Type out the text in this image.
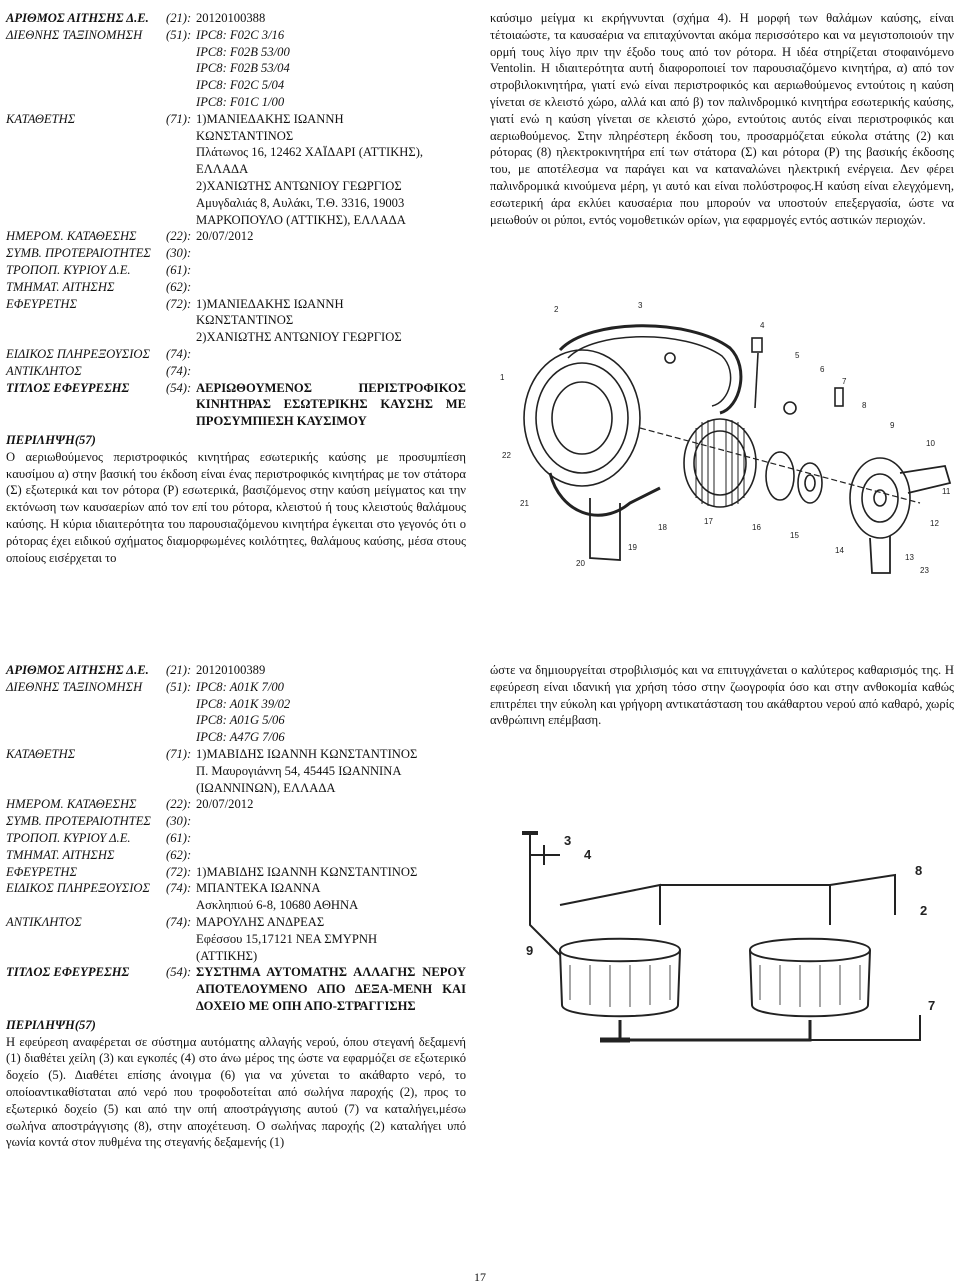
ΑΡΙΘΜΟΣ ΑΙΤΗΣΗΣ Δ.Ε.	(21): 20120100388
ΔΙΕΘΝΗΣ ΤΑΞΙΝΟΜΗΣΗ	(51): IPC8: F02C 3/16
IPC8: F02B 53/00
IPC8: F02B 53/04
IPC8: F02C 5/04
IPC8: F01C 1/00
ΚΑΤΑΘΕΤΗΣ	(71): 1)ΜΑΝΙΕΔΑΚΗΣ ΙΩΑΝΝΗ
ΚΩΝΣΤΑΝΤΙΝΟΣ
Πλάτωνος 16, 12462 ΧΑΪΔΑΡΙ (ΑΤΤΙΚΗΣ),
ΕΛΛΑΔΑ
2)ΧΑΝΙΩΤΗΣ ΑΝΤΩΝΙΟΥ ΓΕΩΡΓΙΟΣ
Αμυγδαλιάς 8, Αυλάκι, Τ.Θ. 3316, 19003
ΜΑΡΚΟΠΟΥΛΟ (ΑΤΤΙΚΗΣ), ΕΛΛΑΔΑ
ΗΜΕΡΟΜ. ΚΑΤΑΘΕΣΗΣ	(22): 20/07/2012
ΣΥΜΒ. ΠΡΟΤΕΡΑΙΟΤΗΤΕΣ	(30):
ΤΡΟΠΟΠ. ΚΥΡΙΟΥ Δ.Ε.	(61):
ΤΜΗΜΑΤ. ΑΙΤΗΣΗΣ	(62):
ΕΦΕΥΡΕΤΗΣ	(72): 1)ΜΑΝΙΕΔΑΚΗΣ ΙΩΑΝΝΗ
ΚΩΝΣΤΑΝΤΙΝΟΣ
2)ΧΑΝΙΩΤΗΣ ΑΝΤΩΝΙΟΥ ΓΕΩΡΓΙΟΣ
ΕΙΔΙΚΟΣ ΠΛΗΡΕΞΟΥΣΙΟΣ	(74):
ΑΝΤΙΚΛΗΤΟΣ	(74):
ΤΙΤΛΟΣ ΕΦΕΥΡΕΣΗΣ	(54): ΑΕΡΙΩΘΟΥΜΕΝΟΣ ΠΕΡΙΣΤΡΟΦΙΚΟΣ ΚΙΝΗΤΗΡΑΣ ΕΣΩΤΕΡΙΚΗΣ ΚΑΥΣΗΣ ΜΕ ΠΡΟΣΥΜΠΙΕΣΗ ΚΑΥΣΙΜΟΥ
ΠΕΡΙΛΗΨΗ(57)
Ο αεριωθούμενος περιστροφικός κινητήρας εσωτερικής καύσης με προσυμπίεση καυσίμου α) στην βασική του έκδοση είναι ένας περιστροφικός κινητήρας με τον στάτορα (Σ) εξωτερικά και τον ρότορα (Ρ) εσωτερικά, βασιζόμενος στην καύση μείγματος και την εκτόνωση των καυσαερίων από τον επί του ρότορα, κλειστού ή τους κλειστούς θαλάμους καύσης. Η κύρια ιδιαιτερότητα του παρουσιαζόμενου κινητήρα έγκειται στο γεγονός ότι ο ρότορας έχει ειδικού σχήματος διαμορφωμένες κοιλότητες, θαλάμους καύσης, μέσα στους οποίους εισέρχεται το
καύσιμο μείγμα κι εκρήγνυνται (σχήμα 4). Η μορφή των θαλάμων καύσης, είναι τέτοιαώστε, τα καυσαέρια να επιταχύνονται ακόμα περισσότερο και να μεγιστοποιούν την ορμή τους λίγο πριν την έξοδο τους από τον ρότορα. Η ιδέα στηρίζεται στοφαινόμενο Ventolin. Η ιδιαιτερότητα αυτή διαφοροποιεί τον παρουσιαζόμενο κινητήρα, α) από τον στροβιλοκινητήρα, γιατί ενώ είναι περιστροφικός και αεριωθούμενος εντούτοις η καύση γίνεται σε κλειστό χώρο, αλλά και από β) τον παλινδρομικό κινητήρα εσωτερικής καύσης, γιατί ενώ η καύση γίνεται σε κλειστό χώρο, εντούτοις αυτός είναι περιστροφικός και αεριωθούμενος. Στην πληρέστερη έκδοση του, προσαρμόζεται εύκολα στάτης (2) και ρότορας (8) ηλεκτροκινητήρα επί των στάτορα (Σ) και ρότορα (Ρ) της βασικής έκδοσης του, με αποτέλεσμα να παράγει και να καταναλώνει ηλεκτρική ενέργεια. Δεν φέρει παλινδρομικά κινούμενα μέρη, γι αυτό και είναι πολύστροφος.Η καύση είναι ελεγχόμενη, εσωτερική άρα εκλύει καυσαέρια που μπορούν να υποστούν επεξεργασία, ώστε να μειωθούν οι ρύποι, εντός νομοθετικών ορίων, για εφαρμογές εντός αστικών περιοχών.
1
2	3
4
5
6
7
8
9
10
11
12
13
14
15
16
17
18
19
20
21
22
23
ΑΡΙΘΜΟΣ ΑΙΤΗΣΗΣ Δ.Ε.	(21): 20120100389
ΔΙΕΘΝΗΣ ΤΑΞΙΝΟΜΗΣΗ	(51): IPC8: A01K 7/00
IPC8: A01K 39/02
IPC8: A01G 5/06
IPC8: A47G 7/06
ΚΑΤΑΘΕΤΗΣ	(71): 1)ΜΑΒΙΔΗΣ ΙΩΑΝΝΗ ΚΩΝΣΤΑΝΤΙΝΟΣ
Π. Μαυρογιάννη 54, 45445 ΙΩΑΝΝΙΝΑ
(ΙΩΑΝΝΙΝΩΝ), ΕΛΛΑΔΑ
ΗΜΕΡΟΜ. ΚΑΤΑΘΕΣΗΣ	(22): 20/07/2012
ΣΥΜΒ. ΠΡΟΤΕΡΑΙΟΤΗΤΕΣ	(30):
ΤΡΟΠΟΠ. ΚΥΡΙΟΥ Δ.Ε.	(61):
ΤΜΗΜΑΤ. ΑΙΤΗΣΗΣ	(62):
ΕΦΕΥΡΕΤΗΣ	(72): 1)ΜΑΒΙΔΗΣ ΙΩΑΝΝΗ ΚΩΝΣΤΑΝΤΙΝΟΣ
ΕΙΔΙΚΟΣ ΠΛΗΡΕΞΟΥΣΙΟΣ	(74): ΜΠΑΝΤΕΚΑ ΙΩΑΝΝΑ
Ασκληπιού 6-8, 10680 ΑΘΗΝΑ
ΑΝΤΙΚΛΗΤΟΣ	(74): ΜΑΡΟΥΛΗΣ ΑΝΔΡΕΑΣ
Εφέσσου 15,17121 ΝΕΑ ΣΜΥΡΝΗ
(ΑΤΤΙΚΗΣ)
ΤΙΤΛΟΣ ΕΦΕΥΡΕΣΗΣ	(54): ΣΥΣΤΗΜΑ ΑΥΤΟΜΑΤΗΣ ΑΛΛΑΓΗΣ ΝΕΡΟΥ ΑΠΟΤΕΛΟΥΜΕΝΟ ΑΠΟ ΔΕΞΑ-ΜΕΝΗ ΚΑΙ ΔΟΧΕΙΟ ΜΕ ΟΠΗ ΑΠΟ-ΣΤΡΑΓΓΙΣΗΣ
ΠΕΡΙΛΗΨΗ(57)
Η εφεύρεση αναφέρεται σε σύστημα αυτόματης αλλαγής νερού, όπου στεγανή δεξαμενή (1) διαθέτει χείλη (3) και εγκοπές (4) στο άνω μέρος της ώστε να εφαρμόζει σε εξωτερικό δοχείο (5). Διαθέτει επίσης άνοιγμα (6) για να χύνεται το ακάθαρτο νερό, το οποίοαντικαθίσταται από νερό που τροφοδοτείται από σωλήνα παροχής (2), προς το εξωτερικό δοχείο (5) και από την οπή αποστράγγισης αυτού (7) να καταλήγει,μέσω σωλήνα αποστράγγισης (8), στην αποχέτευση. Ο σωλήνας παροχής (2) καταλήγει υπό γωνία κοντά στον πυθμένα της στεγανής δεξαμενής (1)
ώστε να δημιουργείται στροβιλισμός και να επιτυγχάνεται ο καλύτερος καθαρισμός της. Η εφεύρεση είναι ιδανική για χρήση τόσο στην ζωογροφία όσο και στην ανθοκομία καθώς επιτρέπει την εύκολη και γρήγορη αντικατάσταση του ακάθαρτου νερού από καθαρό, χωρίς ανθρώπινη επέμβαση.
3
4
9
8
2
7
17
